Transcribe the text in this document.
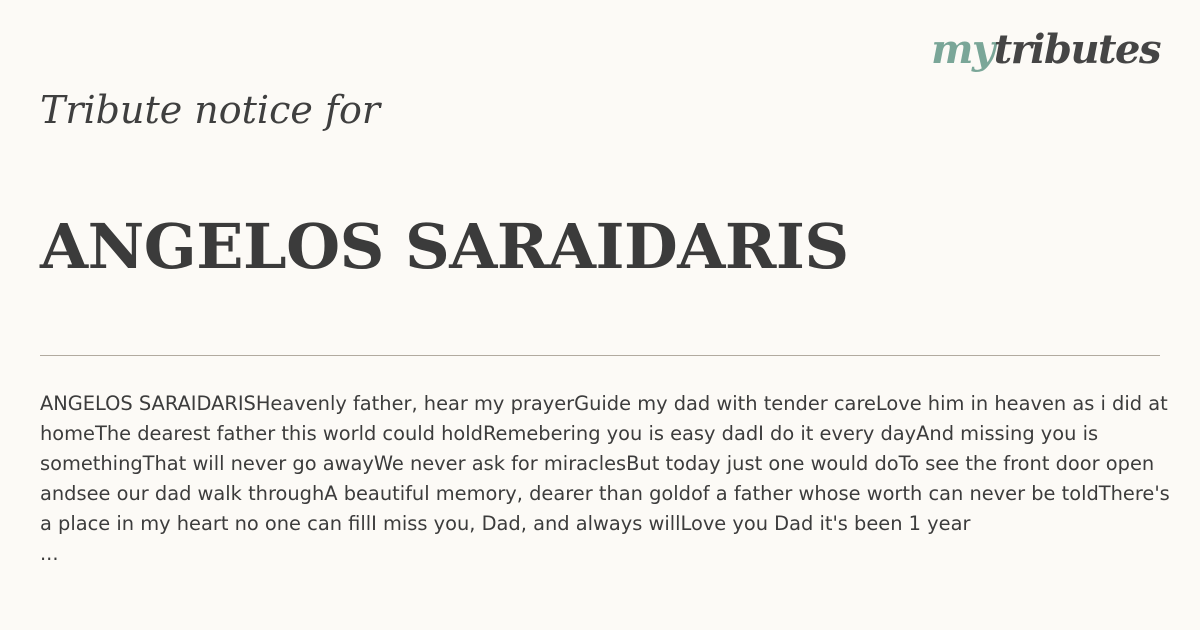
mytributes
Tribute notice for
ANGELOS SARAIDARIS

ANGELOS SARAIDARISHeavenly father, hear my prayerGuide my dad with tender careLove him in heaven as i did at homeThe dearest father this world could holdRemebering you is easy dadI do it every dayAnd missing you is somethingThat will never go awayWe never ask for miraclesBut today just one would doTo see the front door open andsee our dad walk throughA beautiful memory, dearer than goldof a father whose worth can never be toldThere's a place in my heart no one can fillI miss you, Dad, and always willLove you Dad it's been 1 year

...
